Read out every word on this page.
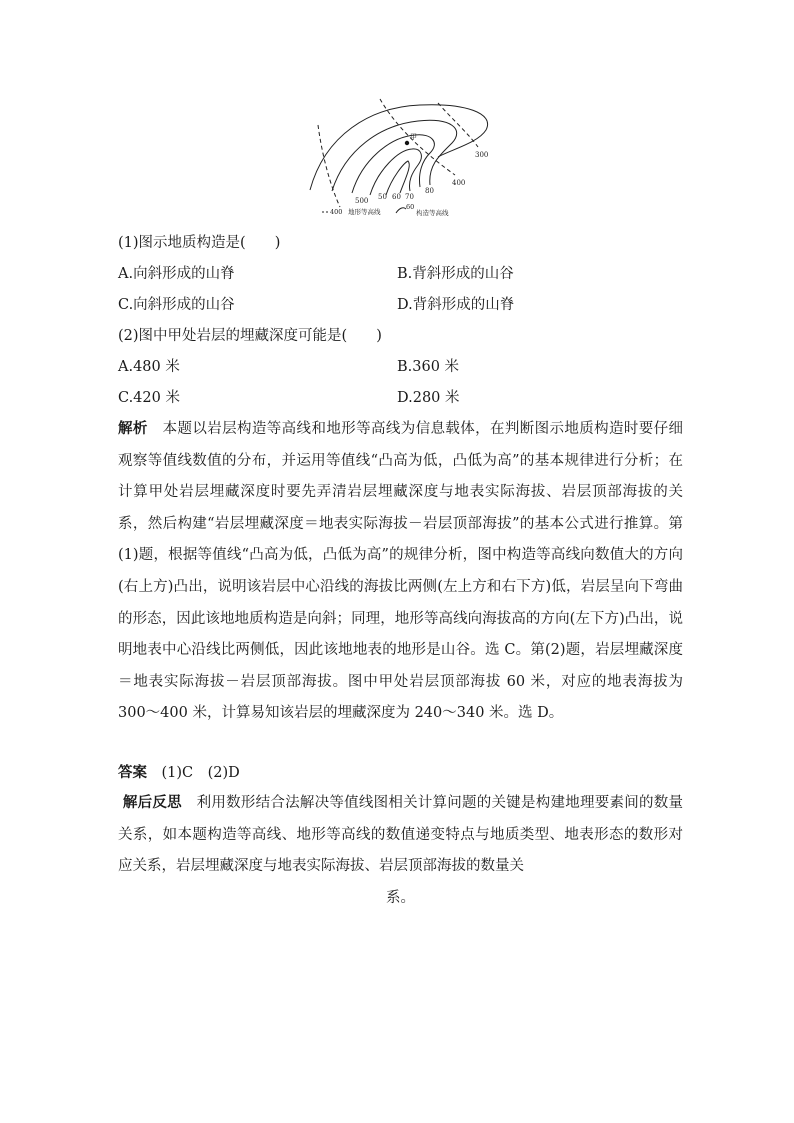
甲
300
400
500 50 60 70
80
400 地形等高线
60
构造等高线
(1)图示地质构造是(　　)
A.向斜形成的山脊	B.背斜形成的山谷
C.向斜形成的山谷	D.背斜形成的山脊
(2)图中甲处岩层的埋藏深度可能是(　　)
A.480 米	B.360 米
C.420 米	D.280 米

解析　 本题以岩层构造等高线和地形等高线为信息载体，在判断图示地质构造时要仔细观察等值线数值的分布，并运用等值线“凸高为低，凸低为高”的基本规律进行分析；在计算甲处岩层埋藏深度时要先弄清岩层埋藏深度与地表实际海拔、岩层顶部海拔的关系，然后构建“岩层埋藏深度＝地表实际海拔－岩层顶部海拔”的基本公式进行推算。第(1)题，根据等值线“凸高为低，凸低为高”的规律分析，图中构造等高线向数值大的方向(右上方)凸出，说明该岩层中心沿线的海拔比两侧(左上方和右下方)低，岩层呈向下弯曲的形态，因此该地地质构造是向斜；同理，地形等高线向海拔高的方向(左下方)凸出，说明地表中心沿线比两侧低，因此该地地表的地形是山谷。选 C。第(2)题，岩层埋藏深度＝地表实际海拔－岩层顶部海拔。图中甲处岩层顶部海拔 60 米，对应的地表海拔为 300～400 米，计算易知该岩层的埋藏深度为 240～340 米。选 D。

答案　 (1)C　(2)D

解后反思　 利用数形结合法解决等值线图相关计算问题的关键是构建地理要素间的数量关系，如本题构造等高线、地形等高线的数值递变特点与地质类型、地表形态的数形对应关系，岩层埋藏深度与地表实际海拔、岩层顶部海拔的数量关

系。
